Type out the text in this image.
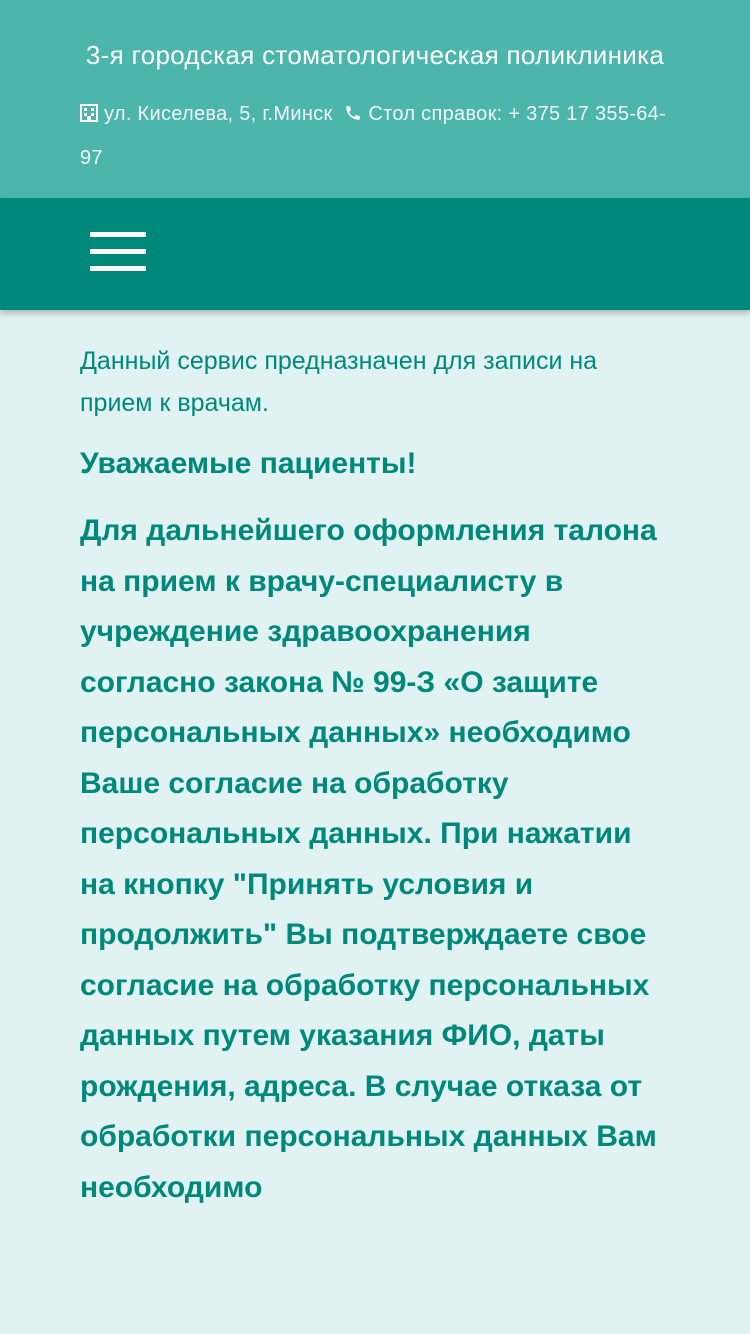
3-я городская стоматологическая поликлиника
ул. Киселева, 5, г.Минск Стол справок: + 375 17 355-64-97

Данный сервис предназначен для записи на прием к врачам.

Уважаемые пациенты!

Для дальнейшего оформления талона на прием к врачу-специалисту в учреждение здравоохранения согласно закона № 99-З «О защите персональных данных» необходимо Ваше согласие на обработку персональных данных. При нажатии на кнопку "Принять условия и продолжить" Вы подтверждаете свое согласие на обработку персональных данных путем указания ФИО, даты рождения, адреса. В случае отказа от обработки персональных данных Вам необходимо
